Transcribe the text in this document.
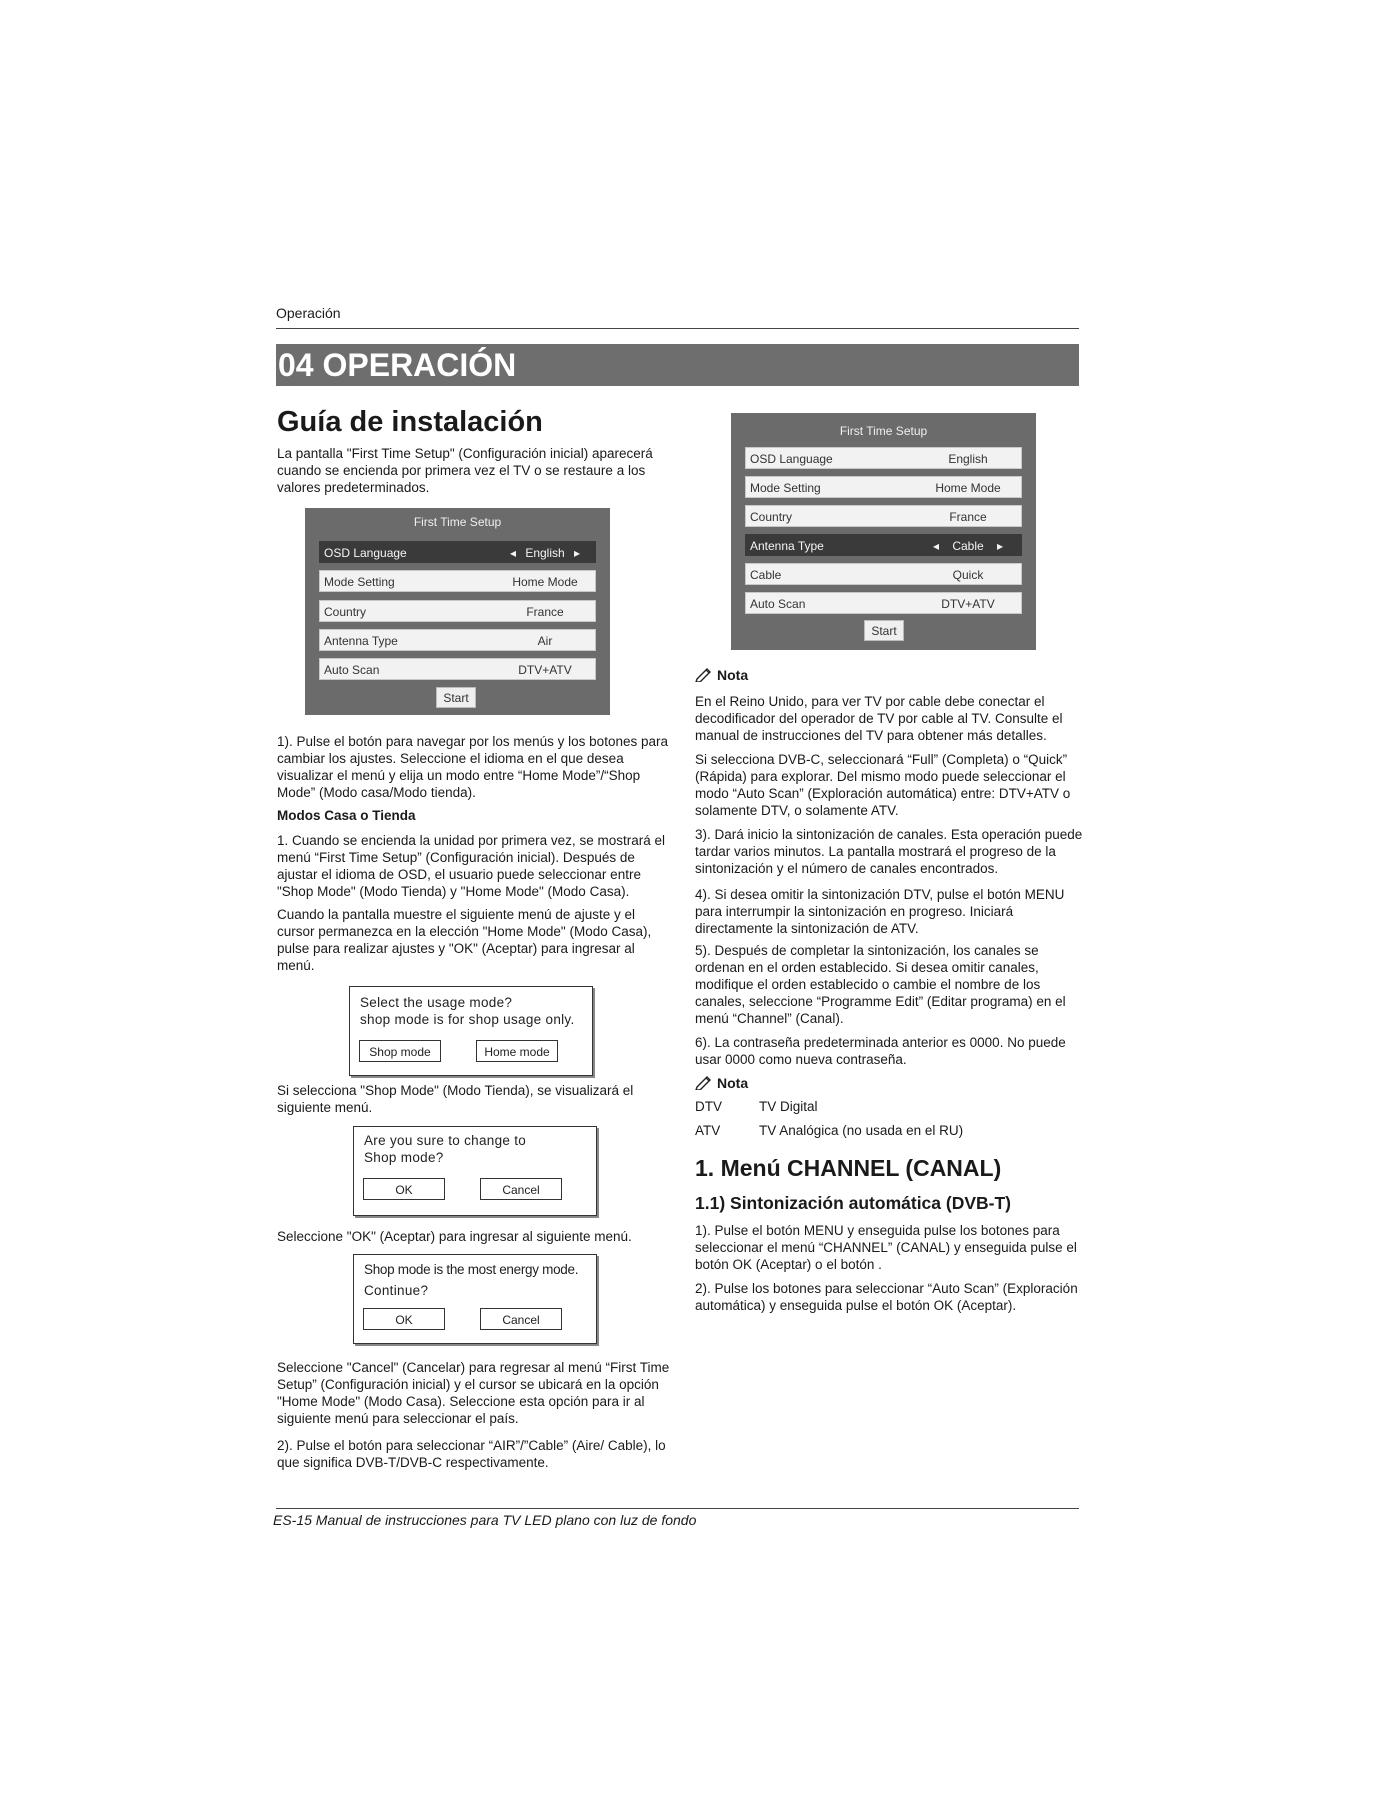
Operación
04 OPERACIÓN
Guía de instalación

La pantalla "First Time Setup" (Configuración inicial) aparecerá cuando se encienda por primera vez el TV o se restaure a los valores predeterminados.

First Time Setup
OSD Language	◂ English ▸
Mode Setting	Home Mode
Country	France
Antenna Type	Air
Auto Scan	DTV+ATV
Start

1). Pulse el botón para navegar por los menús y los botones para cambiar los ajustes. Seleccione el idioma en el que desea visualizar el menú y elija un modo entre “Home Mode”/“Shop Mode” (Modo casa/Modo tienda).

Modos Casa o Tienda

1. Cuando se encienda la unidad por primera vez, se mostrará el menú “First Time Setup” (Configuración inicial). Después de ajustar el idioma de OSD, el usuario puede seleccionar entre "Shop Mode" (Modo Tienda) y "Home Mode" (Modo Casa).

Cuando la pantalla muestre el siguiente menú de ajuste y el cursor permanezca en la elección "Home Mode" (Modo Casa), pulse para realizar ajustes y "OK" (Aceptar) para ingresar al menú.

Select the usage mode?
shop mode is for shop usage only.
Shop mode	Home mode

Si selecciona "Shop Mode" (Modo Tienda), se visualizará el siguiente menú.

Are you sure to change to
Shop mode?
OK	Cancel

Seleccione "OK" (Aceptar) para ingresar al siguiente menú.

Shop mode is the most energy mode.
Continue?
OK	Cancel

Seleccione "Cancel" (Cancelar) para regresar al menú “First Time Setup” (Configuración inicial) y el cursor se ubicará en la opción "Home Mode" (Modo Casa). Seleccione esta opción para ir al siguiente menú para seleccionar el país.

2). Pulse el botón para seleccionar “AIR”/”Cable” (Aire/ Cable), lo que significa DVB-T/DVB-C respectivamente.

First Time Setup
OSD Language	English
Mode Setting	Home Mode
Country	France
Antenna Type	◂ Cable ▸
Cable	Quick
Auto Scan	DTV+ATV
Start
Nota

En el Reino Unido, para ver TV por cable debe conectar el decodificador del operador de TV por cable al TV. Consulte el manual de instrucciones del TV para obtener más detalles.

Si selecciona DVB-C, seleccionará “Full” (Completa) o “Quick” (Rápida) para explorar. Del mismo modo puede seleccionar el modo “Auto Scan” (Exploración automática) entre: DTV+ATV o solamente DTV, o solamente ATV.

3). Dará inicio la sintonización de canales. Esta operación puede tardar varios minutos. La pantalla mostrará el progreso de la sintonización y el número de canales encontrados.

4). Si desea omitir la sintonización DTV, pulse el botón MENU para interrumpir la sintonización en progreso. Iniciará directamente la sintonización de ATV.

5). Después de completar la sintonización, los canales se ordenan en el orden establecido. Si desea omitir canales, modifique el orden establecido o cambie el nombre de los canales, seleccione “Programme Edit” (Editar programa) en el menú “Channel” (Canal).

6). La contraseña predeterminada anterior es 0000. No puede usar 0000 como nueva contraseña.

Nota
DTV	TV Digital
ATV	TV Analógica (no usada en el RU)
1. Menú CHANNEL (CANAL)
1.1) Sintonización automática (DVB-T)

1). Pulse el botón MENU y enseguida pulse los botones para seleccionar el menú “CHANNEL” (CANAL) y enseguida pulse el botón OK (Aceptar) o el botón .

2). Pulse los botones para seleccionar “Auto Scan” (Exploración automática) y enseguida pulse el botón OK (Aceptar).

ES-15 Manual de instrucciones para TV LED plano con luz de fondo
